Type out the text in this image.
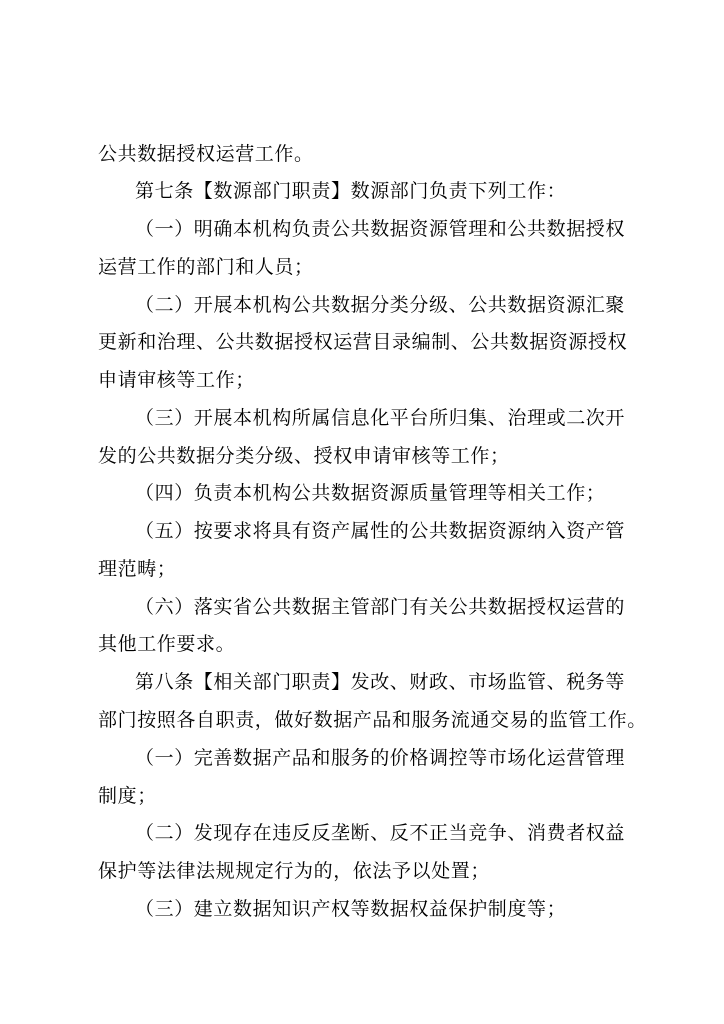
公共数据授权运营工作。
第七条【数源部门职责】数源部门负责下列工作：
（一）明确本机构负责公共数据资源管理和公共数据授权
运营工作的部门和人员；
（二）开展本机构公共数据分类分级、公共数据资源汇聚
更新和治理、公共数据授权运营目录编制、公共数据资源授权
申请审核等工作；
（三）开展本机构所属信息化平台所归集、治理或二次开
发的公共数据分类分级、授权申请审核等工作；
（四）负责本机构公共数据资源质量管理等相关工作；
（五）按要求将具有资产属性的公共数据资源纳入资产管
理范畴；
（六）落实省公共数据主管部门有关公共数据授权运营的
其他工作要求。
第八条【相关部门职责】发改、财政、市场监管、税务等
部门按照各自职责，做好数据产品和服务流通交易的监管工作。
（一）完善数据产品和服务的价格调控等市场化运营管理
制度；
（二）发现存在违反反垄断、反不正当竞争、消费者权益
保护等法律法规规定行为的，依法予以处置；
（三）建立数据知识产权等数据权益保护制度等；
